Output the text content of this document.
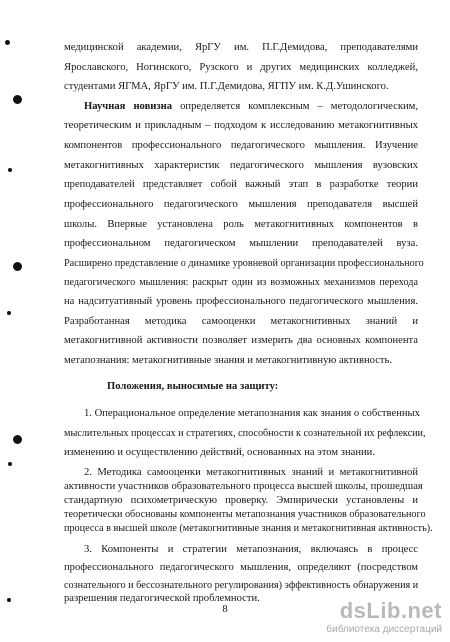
медицинской академии, ЯрГУ им. П.Г.Демидова, преподавателями
Ярославского, Ногинского, Рузского и других медицинских колледжей,
студентами ЯГМА, ЯрГУ им. П.Г.Демидова, ЯГПУ им. К.Д.Ушинского.
Научная новизна определяется комплексным – методологическим,
теоретическим и прикладным – подходом к исследованию метакогнитивных
компонентов профессионального педагогического мышления. Изучение
метакогнитивных характеристик педагогического мышления вузовских
преподавателей представляет собой важный этап в разработке теории
профессионального педагогического мышления преподавателя высшей
школы. Впервые установлена роль метакогнитивных компонентов в
профессиональном педагогическом мышлении преподавателей вуза.
Расширено представление о динамике уровневой организации профессионального
педагогического мышления: раскрыт один из возможных механизмов перехода
на надситуативный уровень профессионального педагогического мышления.
Разработанная методика самооценки метакогнитивных знаний и
метакогнитивной активности позволяет измерить два основных компонента
метапознания: метакогнитивные знания и метакогнитивную активность.
Положения, выносимые на защиту:
1. Операциональное определение метапознания как знания о собственных
мыслительных процессах и стратегиях, способности к сознательной их рефлексии,
изменению и осуществлению действий, основанных на этом знании.
2. Методика самооценки метакогнитивных знаний и метакогнитивной
активности участников образовательного процесса высшей школы, прошедшая
стандартную психометрическую проверку. Эмпирически установлены и
теоретически обоснованы компоненты метапознания участников образовательного
процесса в высшей школе (метакогнитивные знания и метакогнитивная активность).
3. Компоненты и стратегии метапознания, включаясь в процесс
8	dsLib.net
библиотека диссертаций
профессионального педагогического мышления, определяют (посредством
сознательного и бессознательного регулирования) эффективность обнаружения и
разрешения педагогической проблемности.
